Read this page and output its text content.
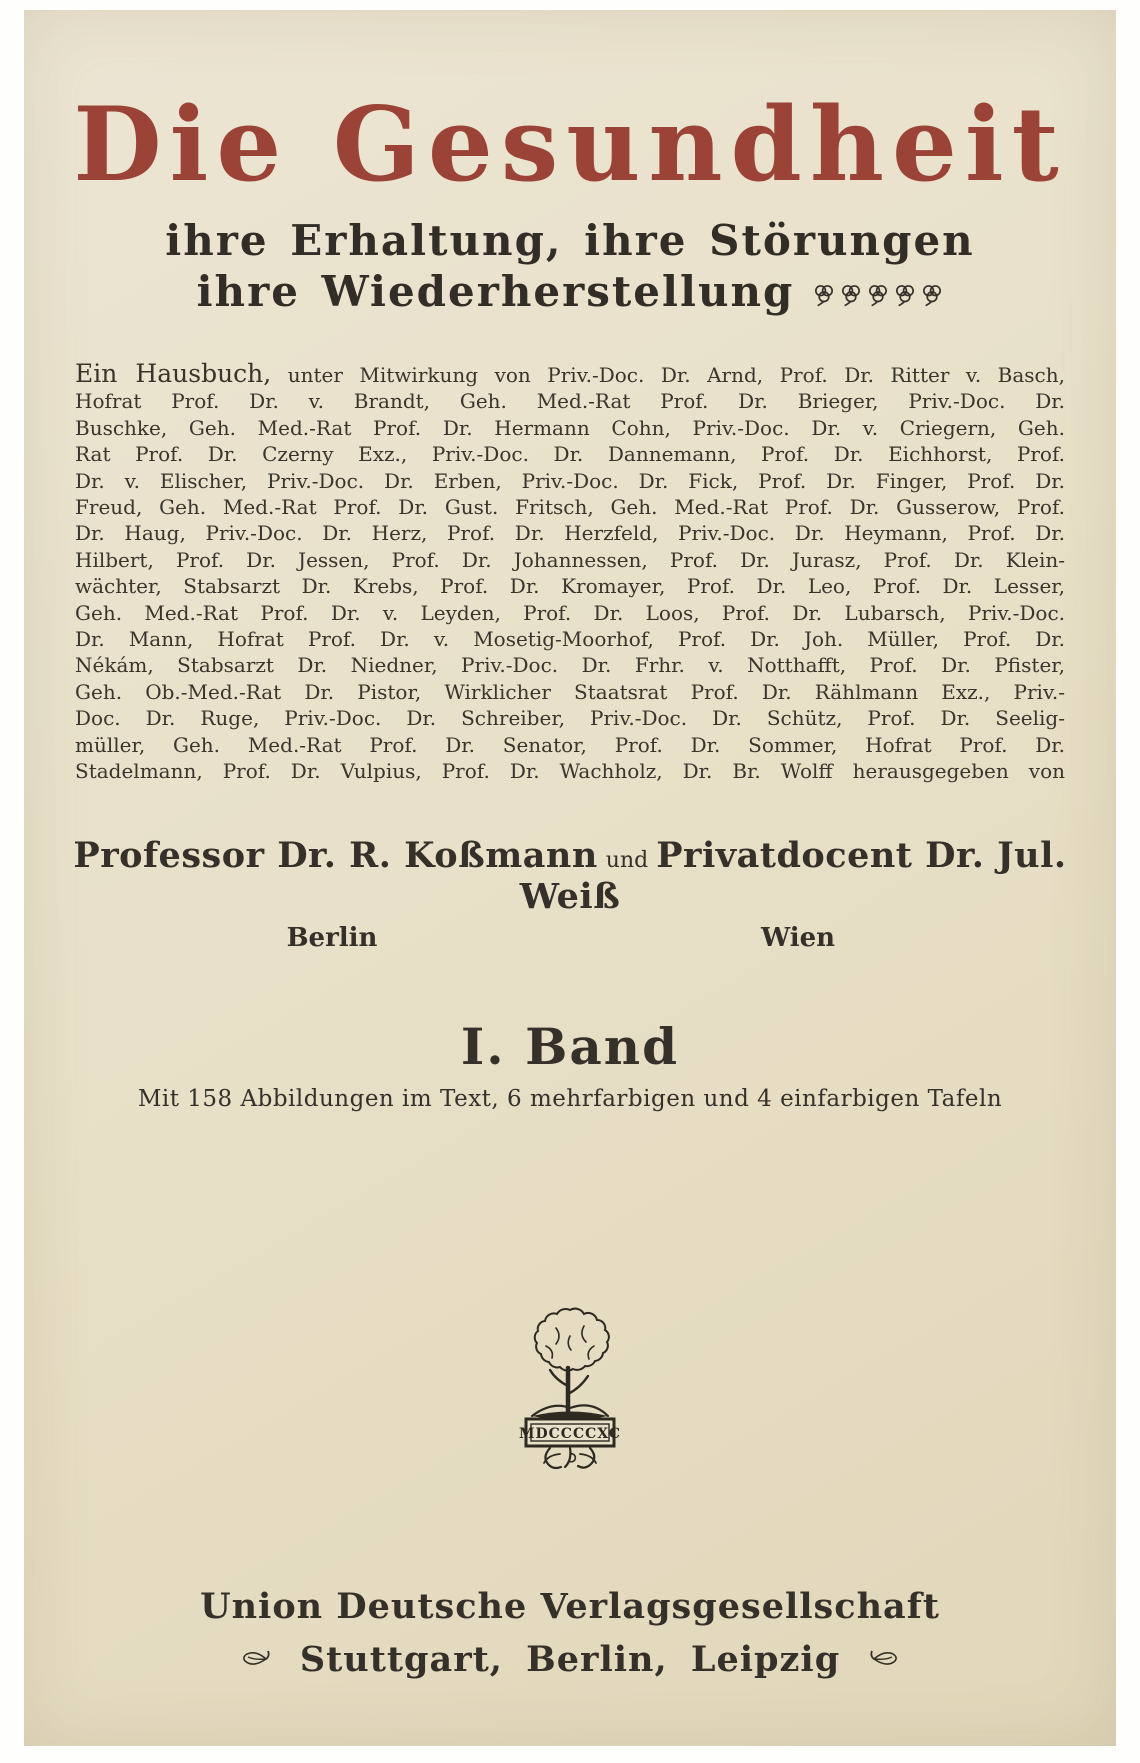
Die Gesundheit
ihre Erhaltung, ihre Störungen
ihre Wiederherstellung
Ein Hausbuch, unter Mitwirkung von Priv.-Doc. Dr. Arnd, Prof. Dr. Ritter v. Basch,
Hofrat Prof. Dr. v. Brandt, Geh. Med.-Rat Prof. Dr. Brieger, Priv.-Doc. Dr.
Buschke, Geh. Med.-Rat Prof. Dr. Hermann Cohn, Priv.-Doc. Dr. v. Criegern, Geh.
Rat Prof. Dr. Czerny Exz., Priv.-Doc. Dr. Dannemann, Prof. Dr. Eichhorst, Prof.
Dr. v. Elischer, Priv.-Doc. Dr. Erben, Priv.-Doc. Dr. Fick, Prof. Dr. Finger, Prof. Dr.
Freud, Geh. Med.-Rat Prof. Dr. Gust. Fritsch, Geh. Med.-Rat Prof. Dr. Gusserow, Prof.
Dr. Haug, Priv.-Doc. Dr. Herz, Prof. Dr. Herzfeld, Priv.-Doc. Dr. Heymann, Prof. Dr.
Hilbert, Prof. Dr. Jessen, Prof. Dr. Johannessen, Prof. Dr. Jurasz, Prof. Dr. Klein-
wächter, Stabsarzt Dr. Krebs, Prof. Dr. Kromayer, Prof. Dr. Leo, Prof. Dr. Lesser,
Geh. Med.-Rat Prof. Dr. v. Leyden, Prof. Dr. Loos, Prof. Dr. Lubarsch, Priv.-Doc.
Dr. Mann, Hofrat Prof. Dr. v. Mosetig-Moorhof, Prof. Dr. Joh. Müller, Prof. Dr.
Nékám, Stabsarzt Dr. Niedner, Priv.-Doc. Dr. Frhr. v. Notthafft, Prof. Dr. Pfister,
Geh. Ob.-Med.-Rat Dr. Pistor, Wirklicher Staatsrat Prof. Dr. Rählmann Exz., Priv.-
Doc. Dr. Ruge, Priv.-Doc. Dr. Schreiber, Priv.-Doc. Dr. Schütz, Prof. Dr. Seelig-
müller, Geh. Med.-Rat Prof. Dr. Senator, Prof. Dr. Sommer, Hofrat Prof. Dr.
Stadelmann, Prof. Dr. Vulpius, Prof. Dr. Wachholz, Dr. Br. Wolff herausgegeben von
Professor Dr. R. Koßmann und Privatdocent Dr. Jul. Weiß
Berlin	Wien
I. Band
Mit 158 Abbildungen im Text, 6 mehrfarbigen und 4 einfarbigen Tafeln
MDCCCCXC
Union Deutsche Verlagsgesellschaft
Stuttgart, Berlin, Leipzig
